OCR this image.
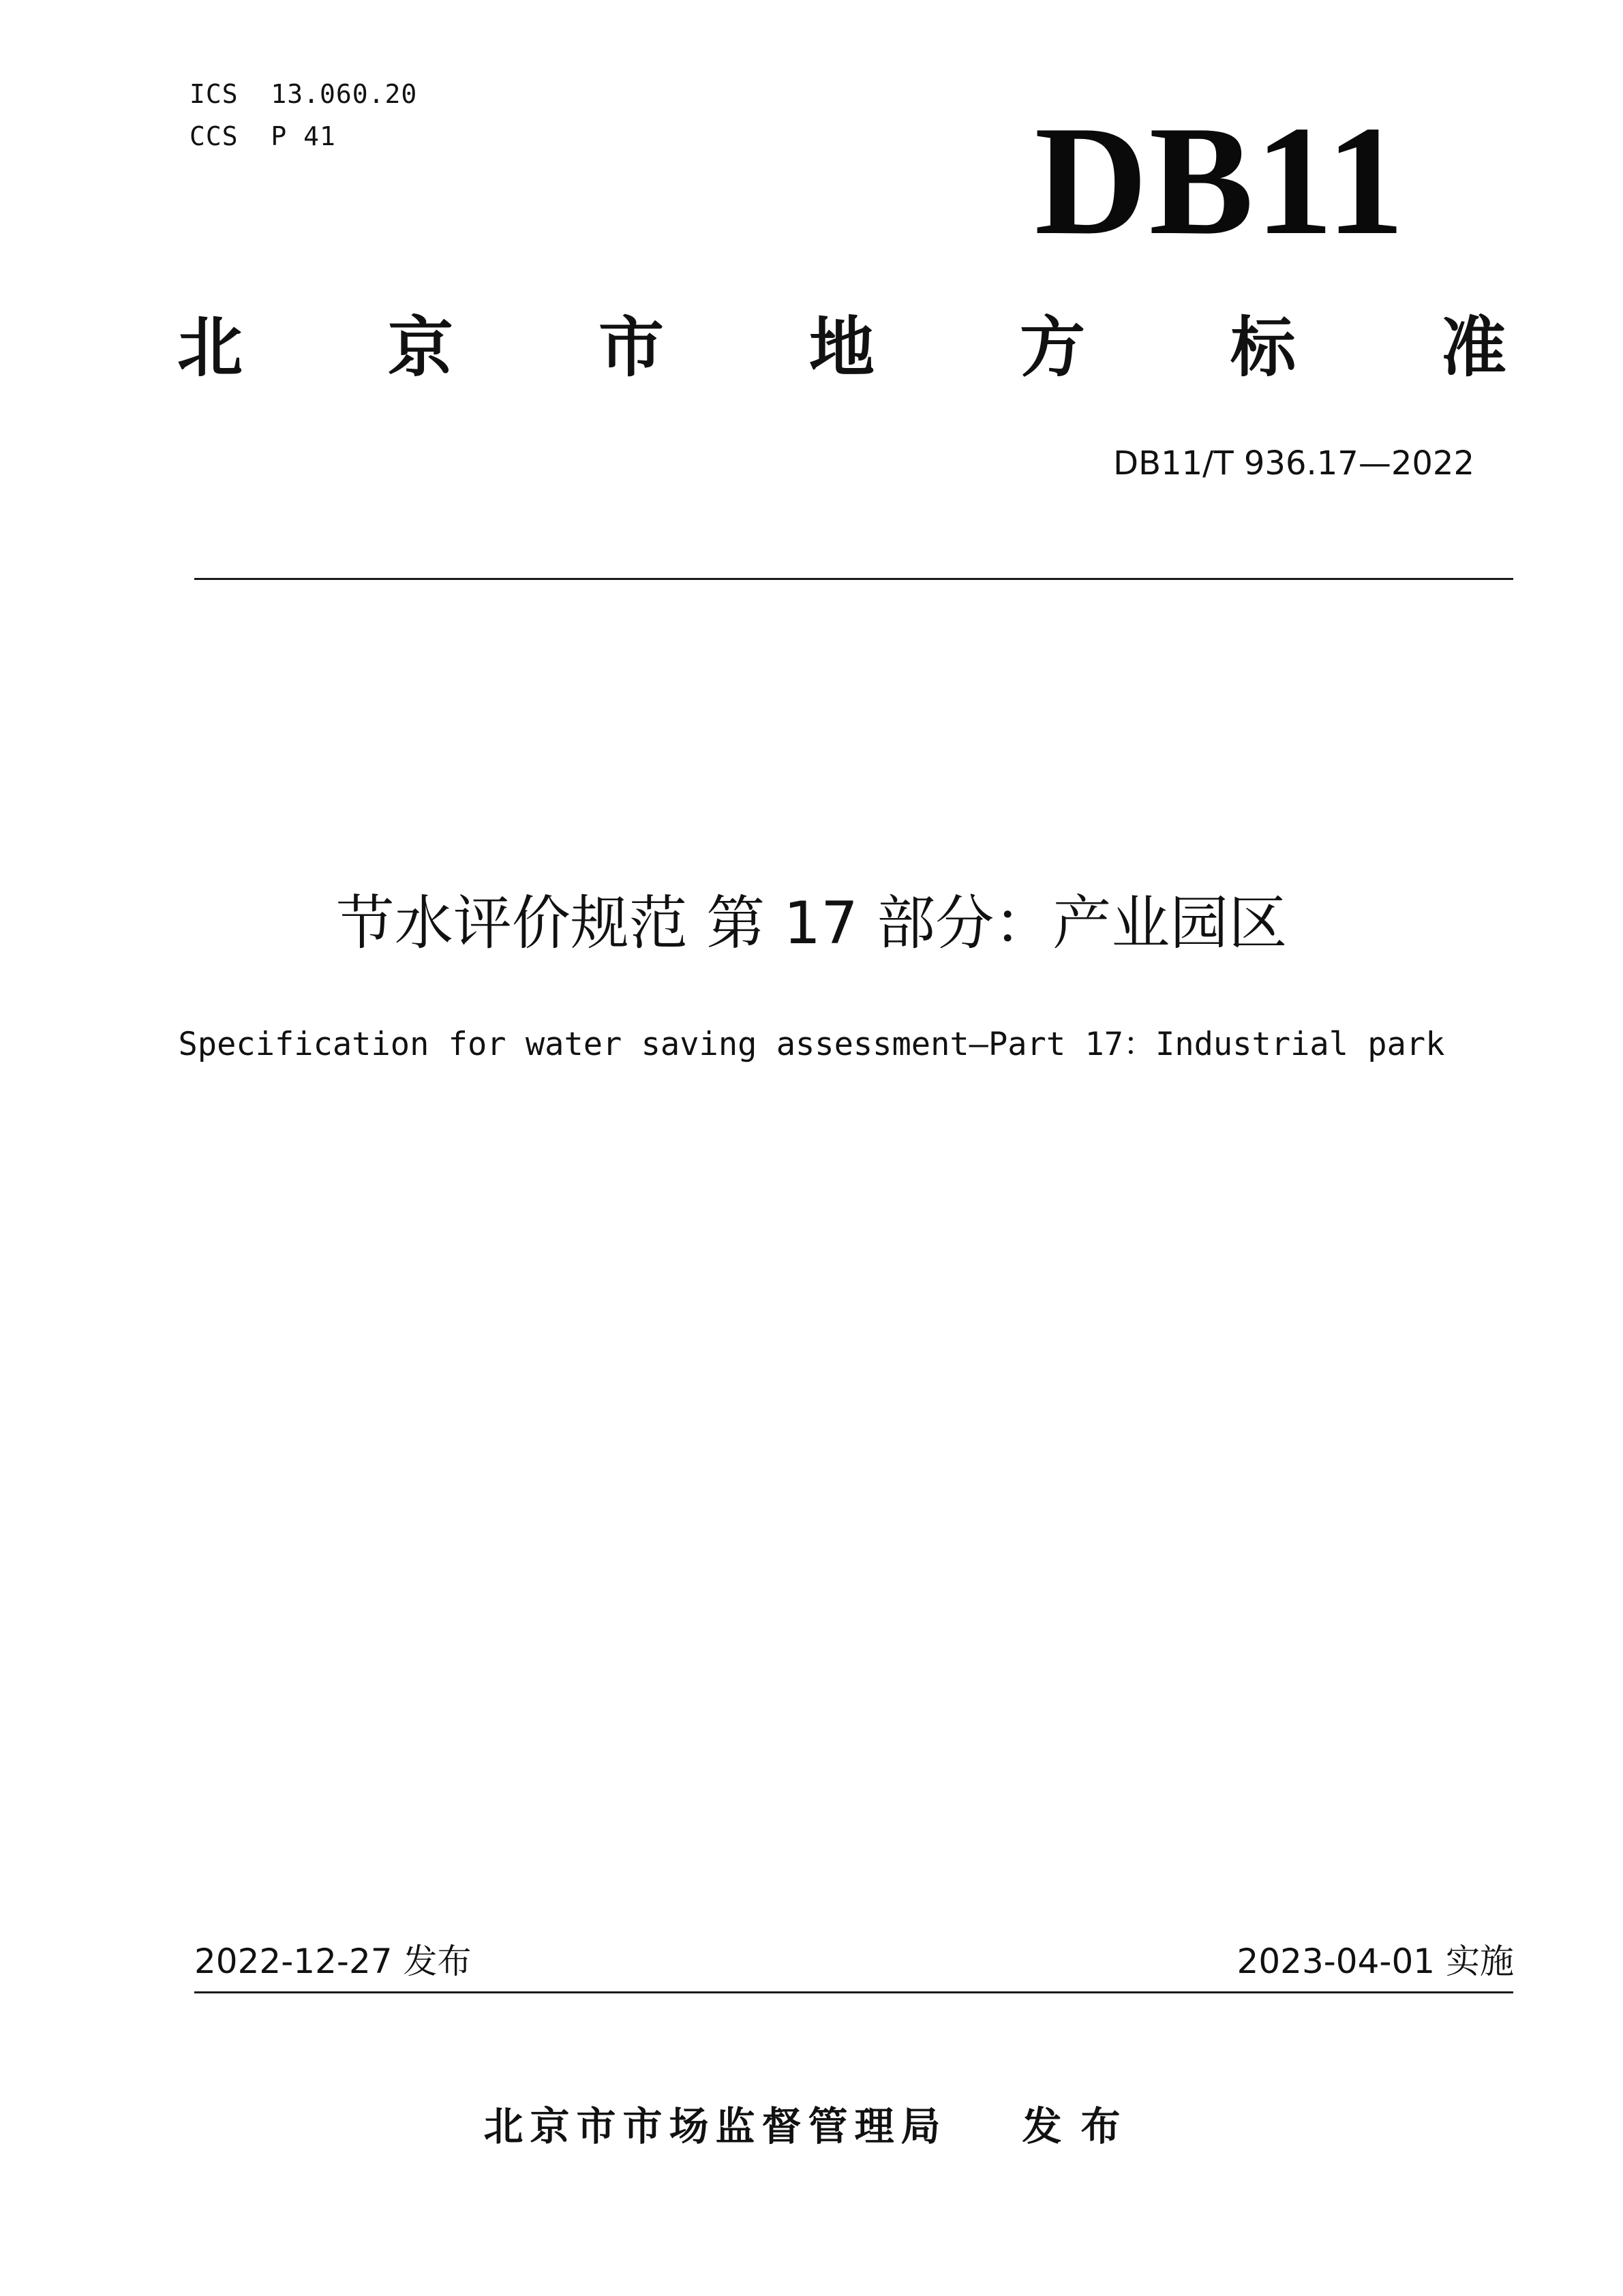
ICS  13.060.20
CCS  P 41	DB11
北 京 市 地 方 标 准
DB11/T 936.17—2022
节水评价规范 第 17 部分：产业园区
Specification for water saving assessment—Part 17：Industrial park
2022-12-27 发布	2023-04-01 实施
北京市市场监督管理局 发布
